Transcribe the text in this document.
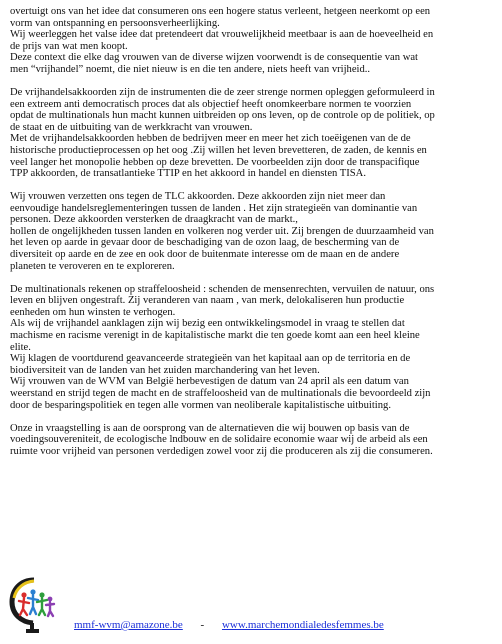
overtuigt ons van het idee dat consumeren ons een hogere status verleent, hetgeen neerkomt op een
vorm van ontspanning en persoonsverheerlijking.
Wij weerleggen het valse idee dat pretendeert dat vrouwelijkheid meetbaar is aan de hoeveelheid en
de prijs van wat men koopt.
Deze context die elke dag vrouwen van de diverse wijzen voorwendt is de consequentie van wat
men “vrijhandel” noemt, die niet nieuw is en die ten andere, niets heeft van vrijheid..

De vrijhandelsakkoorden zijn de instrumenten die de zeer strenge normen opleggen geformuleerd in
een extreem anti democratisch proces dat als objectief heeft onomkeerbare normen te voorzien
opdat de multinationals hun macht kunnen uitbreiden op ons leven, op de controle op de politiek, op
de staat en de uitbuiting van de werkkracht van vrouwen.
Met de vrijhandelsakkoorden hebben de bedrijven meer en meer het zich toeëigenen van de de
historische productieprocessen op het oog .Zij willen het leven brevetteren, de zaden, de kennis en
veel langer het monopolie hebben op deze brevetten. De voorbeelden zijn door de transpacifique
TPP akkoorden, de transatlantieke TTIP en het akkoord in handel en diensten TISA.

Wij vrouwen verzetten ons tegen de TLC akkoorden. Deze akkoorden zijn niet meer dan
eenvoudige handelsreglementeringen tussen de landen . Het zijn strategieën van dominantie van
personen. Deze akkoorden versterken de draagkracht van de markt.,
hollen de ongelijkheden tussen landen en volkeren nog verder uit. Zij brengen de duurzaamheid van
het leven op aarde in gevaar door de beschadiging van de ozon laag, de bescherming van de
diversiteit op aarde en de zee en ook door de buitenmate interesse om de maan en de andere
planeten te veroveren en te exploreren.

De multinationals rekenen op straffeloosheid : schenden de mensenrechten, vervuilen de natuur, ons
leven en blijven ongestraft. Zij veranderen van naam , van merk, delokaliseren hun productie
eenheden om hun winsten te verhogen.
Als wij de vrijhandel aanklagen zijn wij bezig een ontwikkelingsmodel in vraag te stellen dat
machisme en racisme verenigt in de kapitalistische markt die ten goede komt aan een heel kleine
elite.
Wij klagen de voortdurend geavanceerde strategieën van het kapitaal aan op de territoria en de
biodiversiteit van de landen van het zuiden marchandering van het leven.
Wij vrouwen van de WVM van België herbevestigen de datum van 24 april als een datum van
weerstand en strijd tegen de macht en de straffeloosheid van de multinationals die bevoordeeld zijn
door de besparingspolitiek en tegen alle vormen van neoliberale kapitalistische uitbuiting.

Onze in vraagstelling is aan de oorsprong van de alternatieven die wij bouwen op basis van de
voedingsouvereniteit, de ecologische lndbouw en de solidaire economie waar wij de arbeid als een
ruimte voor vrijheid van personen verdedigen zowel voor zij die produceren als zij die consumeren.

mmf-wvm@amazone.be - www.marchemondialedesfemmes.be
